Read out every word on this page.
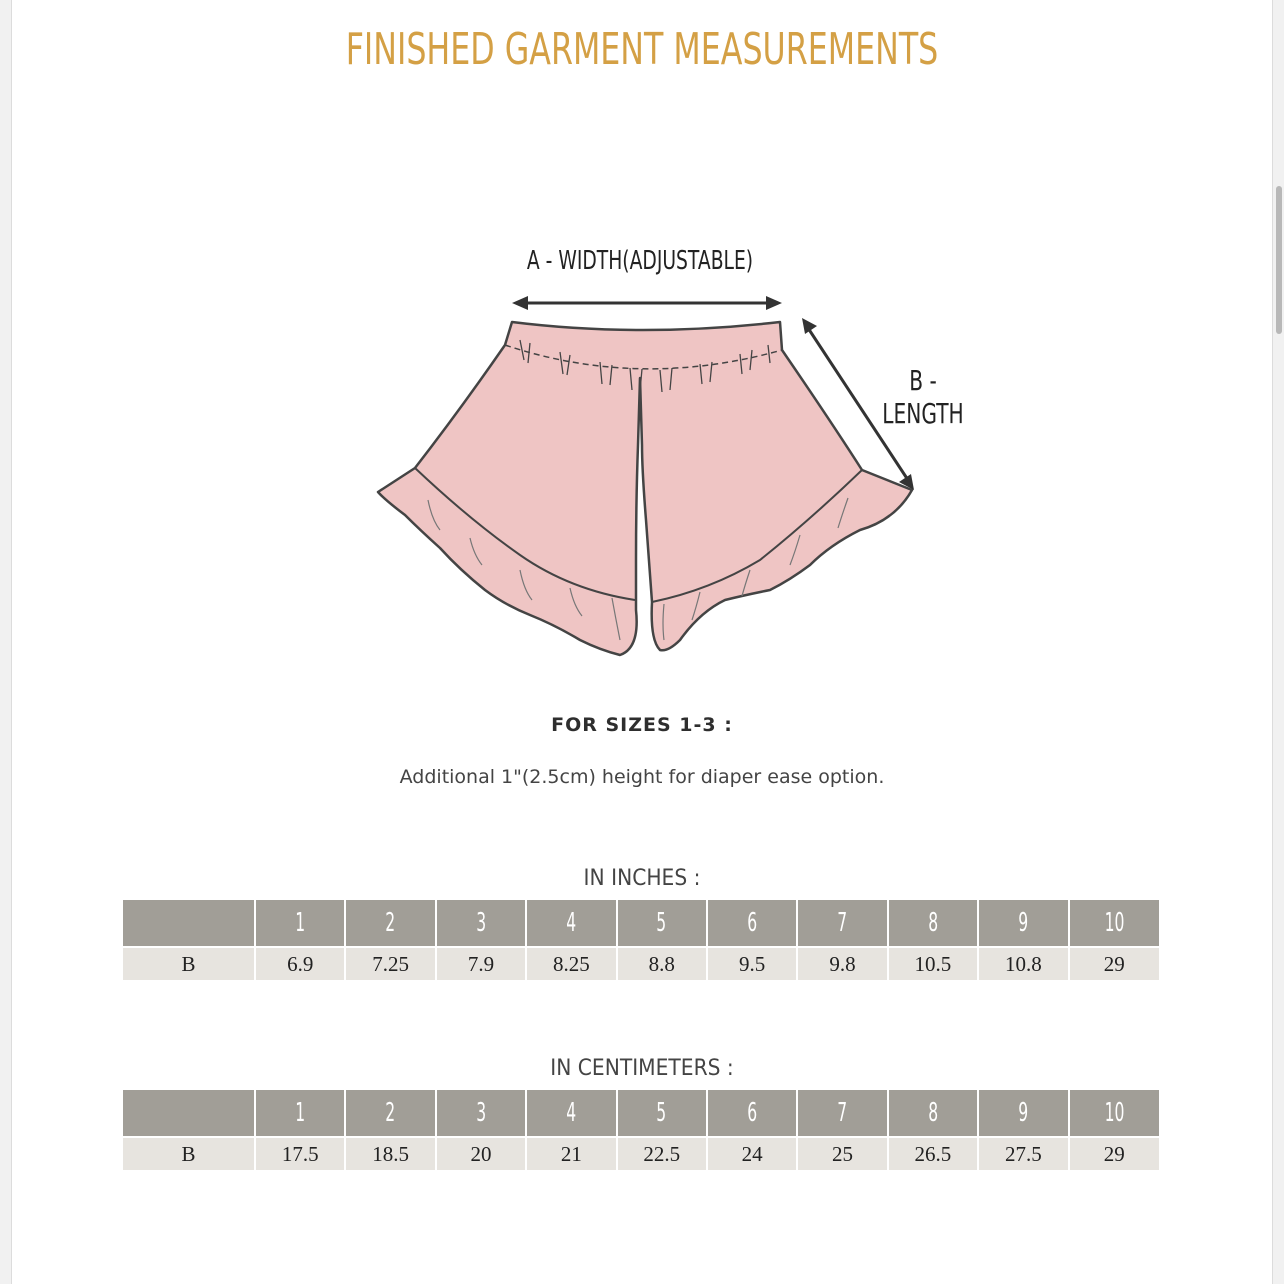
FINISHED GARMENT MEASUREMENTS
A - WIDTH(ADJUSTABLE)
B - LENGTH
FOR SIZES 1-3 :
Additional 1"(2.5cm) height for diaper ease option.
IN INCHES :
	1	2	3	4	5	6	7	8	9	10
B	6.9	7.25	7.9	8.25	8.8	9.5	9.8	10.5	10.8	29
IN CENTIMETERS :
	1	2	3	4	5	6	7	8	9	10
B	17.5	18.5	20	21	22.5	24	25	26.5	27.5	29
